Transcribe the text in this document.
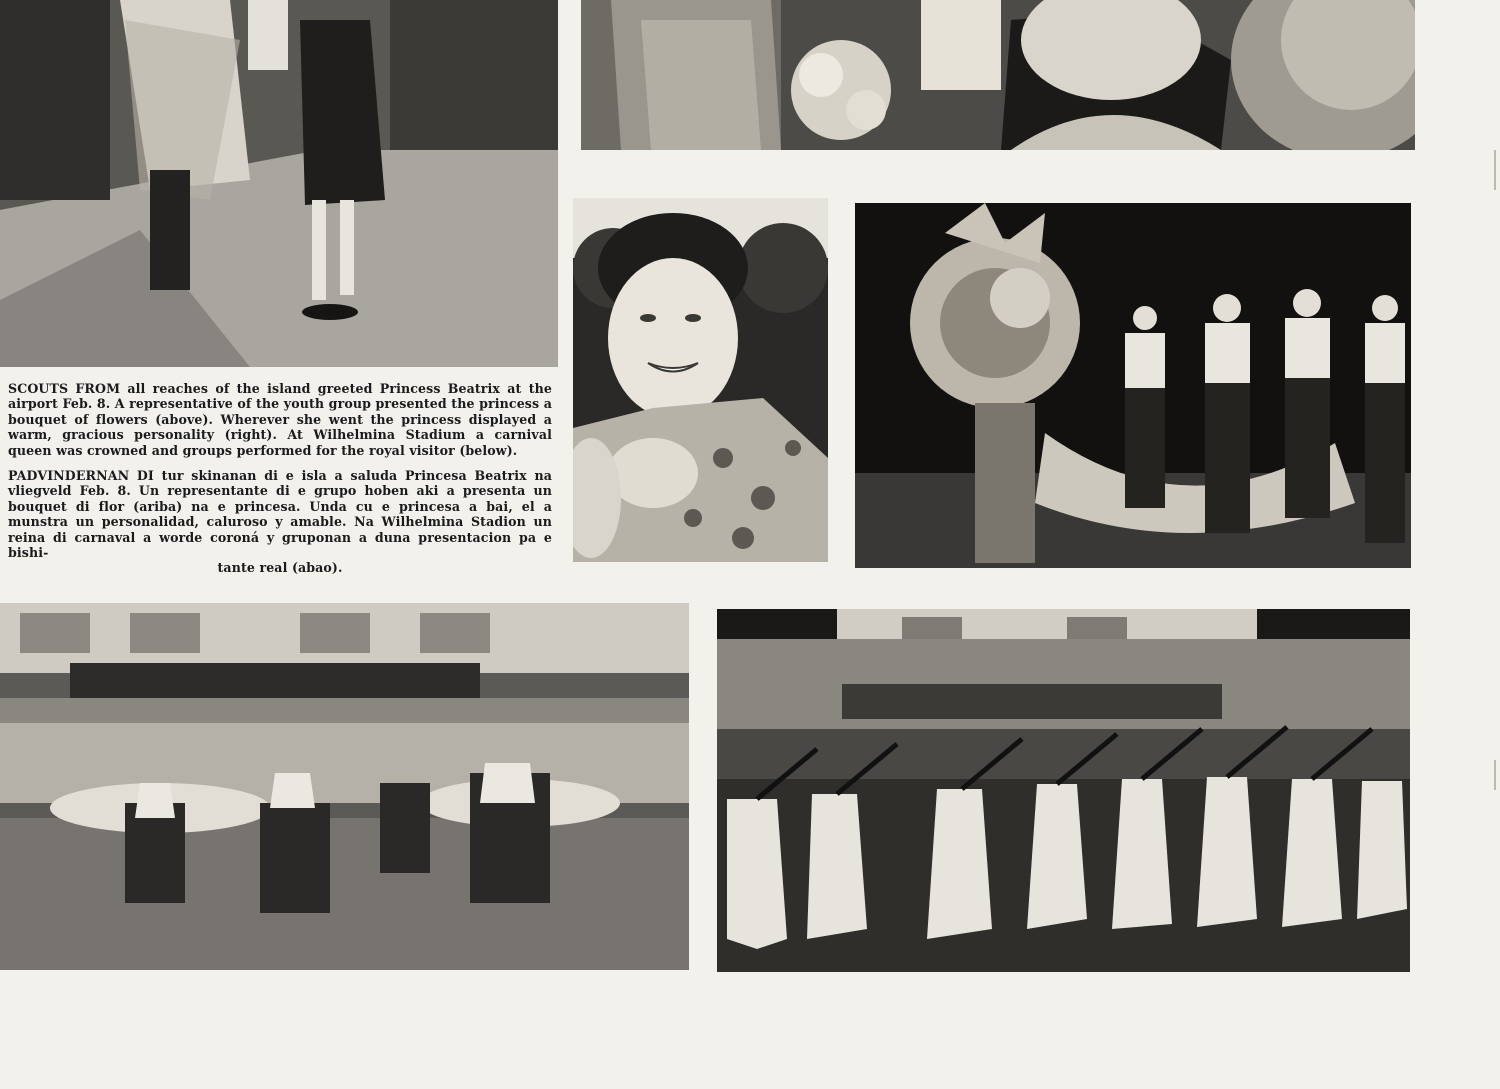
SCOUTS FROM all reaches of the island greeted Princess Beatrix at the airport Feb. 8. A representative of the youth group presented the princess a bouquet of flowers (above). Wherever she went the princess displayed a warm, gracious personality (right). At Wilhelmina Stadium a carnival queen was crowned and groups performed for the royal visitor (below).

PADVINDERNAN DI tur skinanan di e isla a saluda Princesa Beatrix na vliegveld Feb. 8. Un representante di e grupo hoben aki a presenta un bouquet di flor (ariba) na e princesa. Unda cu e princesa a bai, el a munstra un personalidad, caluroso y amable. Na Wilhelmina Stadion un reina di carnaval a worde coroná y gruponan a duna presentacion pa e bishi-
tante real (abao).
